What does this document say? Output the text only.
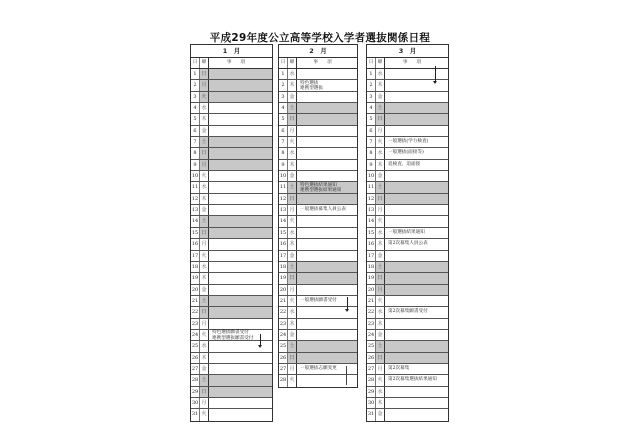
平成29年度公立高等学校入学者選抜関係日程
1　月
日 曜	事項
1 日
2 月
3 火
4 水
5 木
6 金
7 土
8 日
9 月
10 火
11 水
12 木
13 金
14 土
15 日
16 月
17 火
18 水
19 木
20 金
21 土
22 日
23 月
24 火	特色選抜願書受付
連携型選抜願書受付
25 水
26 木
27 金
28 土
29 日
30 月
31 火
2　月
日 曜	事項
1 水
2 木	特色選抜
連携型選抜
3 金
4 土
5 日
6 月
7 火
8 水
9 木
10 金
11 土	特色選抜結果通知
連携型選抜結果通知
12 日
13 月	一般選抜募集人員公表
14 火
15 水
16 木
17 金
18 土
19 日
20 月
21 火	一般選抜願書受付
22 水
23 木
24 金
25 土
26 日
27 月	一般選抜志願変更
28 火
3　月
日 曜	事項
1 水
2 木
3 金
4 土
5 日
6 月
7 火	一般選抜(学力検査)
8 水	一般選抜(面接等)
9 木	追検査、追面接
10 金
11 土
12 日
13 月
14 火
15 水	一般選抜結果通知
16 木	第2次募集人員公表
17 金
18 土
19 日
20 月
21 火
22 水	第2次募集願書受付
23 木
24 金
25 土
26 日
27 月	第2次募集
28 火	第2次募集選抜結果通知
29 水
30 木
31 金
